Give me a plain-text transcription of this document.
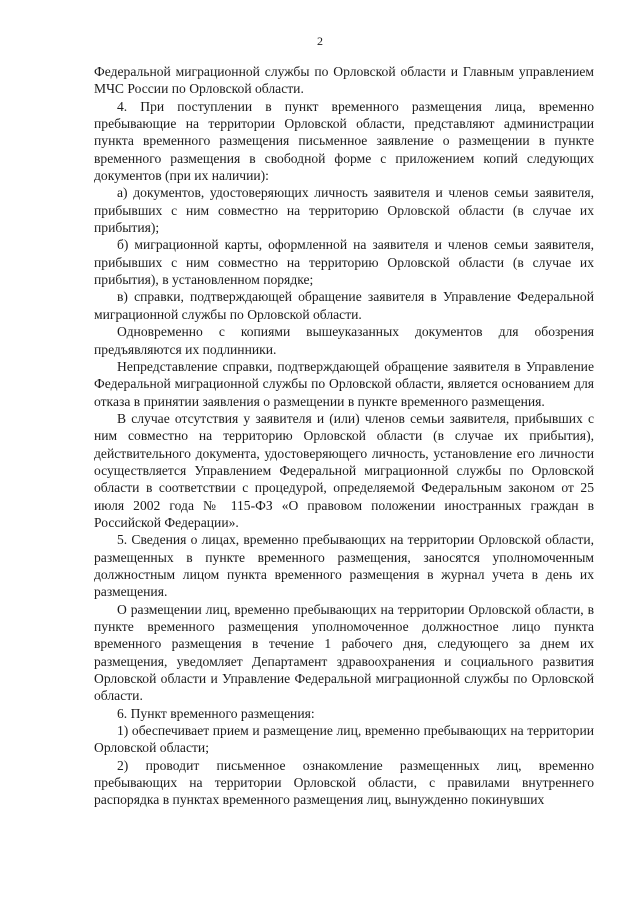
2

Федеральной миграционной службы по Орловской области и Главным управлением МЧС России по Орловской области.

4. При поступлении в пункт временного размещения лица, временно пребывающие на территории Орловской области, представляют администрации пункта временного размещения письменное заявление о размещении в пункте временного размещения в свободной форме с приложением копий следующих документов (при их наличии):

а) документов, удостоверяющих личность заявителя и членов семьи заявителя, прибывших с ним совместно на территорию Орловской области (в случае их прибытия);

б) миграционной карты, оформленной на заявителя и членов семьи заявителя, прибывших с ним совместно на территорию Орловской области (в случае их прибытия), в установленном порядке;

в) справки, подтверждающей обращение заявителя в Управление Федеральной миграционной службы по Орловской области.

Одновременно с копиями вышеуказанных документов для обозрения предъявляются их подлинники.

Непредставление справки, подтверждающей обращение заявителя в Управление Федеральной миграционной службы по Орловской области, является основанием для отказа в принятии заявления о размещении в пункте временного размещения.

В случае отсутствия у заявителя и (или) членов семьи заявителя, прибывших с ним совместно на территорию Орловской области (в случае их прибытия), действительного документа, удостоверяющего личность, установление его личности осуществляется Управлением Федеральной миграционной службы по Орловской области в соответствии с процедурой, определяемой Федеральным законом от 25 июля 2002 года № 115-ФЗ «О правовом положении иностранных граждан в Российской Федерации».

5. Сведения о лицах, временно пребывающих на территории Орловской области, размещенных в пункте временного размещения, заносятся уполномоченным должностным лицом пункта временного размещения в журнал учета в день их размещения.

О размещении лиц, временно пребывающих на территории Орловской области, в пункте временного размещения уполномоченное должностное лицо пункта временного размещения в течение 1 рабочего дня, следующего за днем их размещения, уведомляет Департамент здравоохранения и социального развития Орловской области и Управление Федеральной миграционной службы по Орловской области.

6. Пункт временного размещения:

1) обеспечивает прием и размещение лиц, временно пребывающих на территории Орловской области;

2) проводит письменное ознакомление размещенных лиц, временно пребывающих на территории Орловской области, с правилами внутреннего распорядка в пунктах временного размещения лиц, вынужденно покинувших
